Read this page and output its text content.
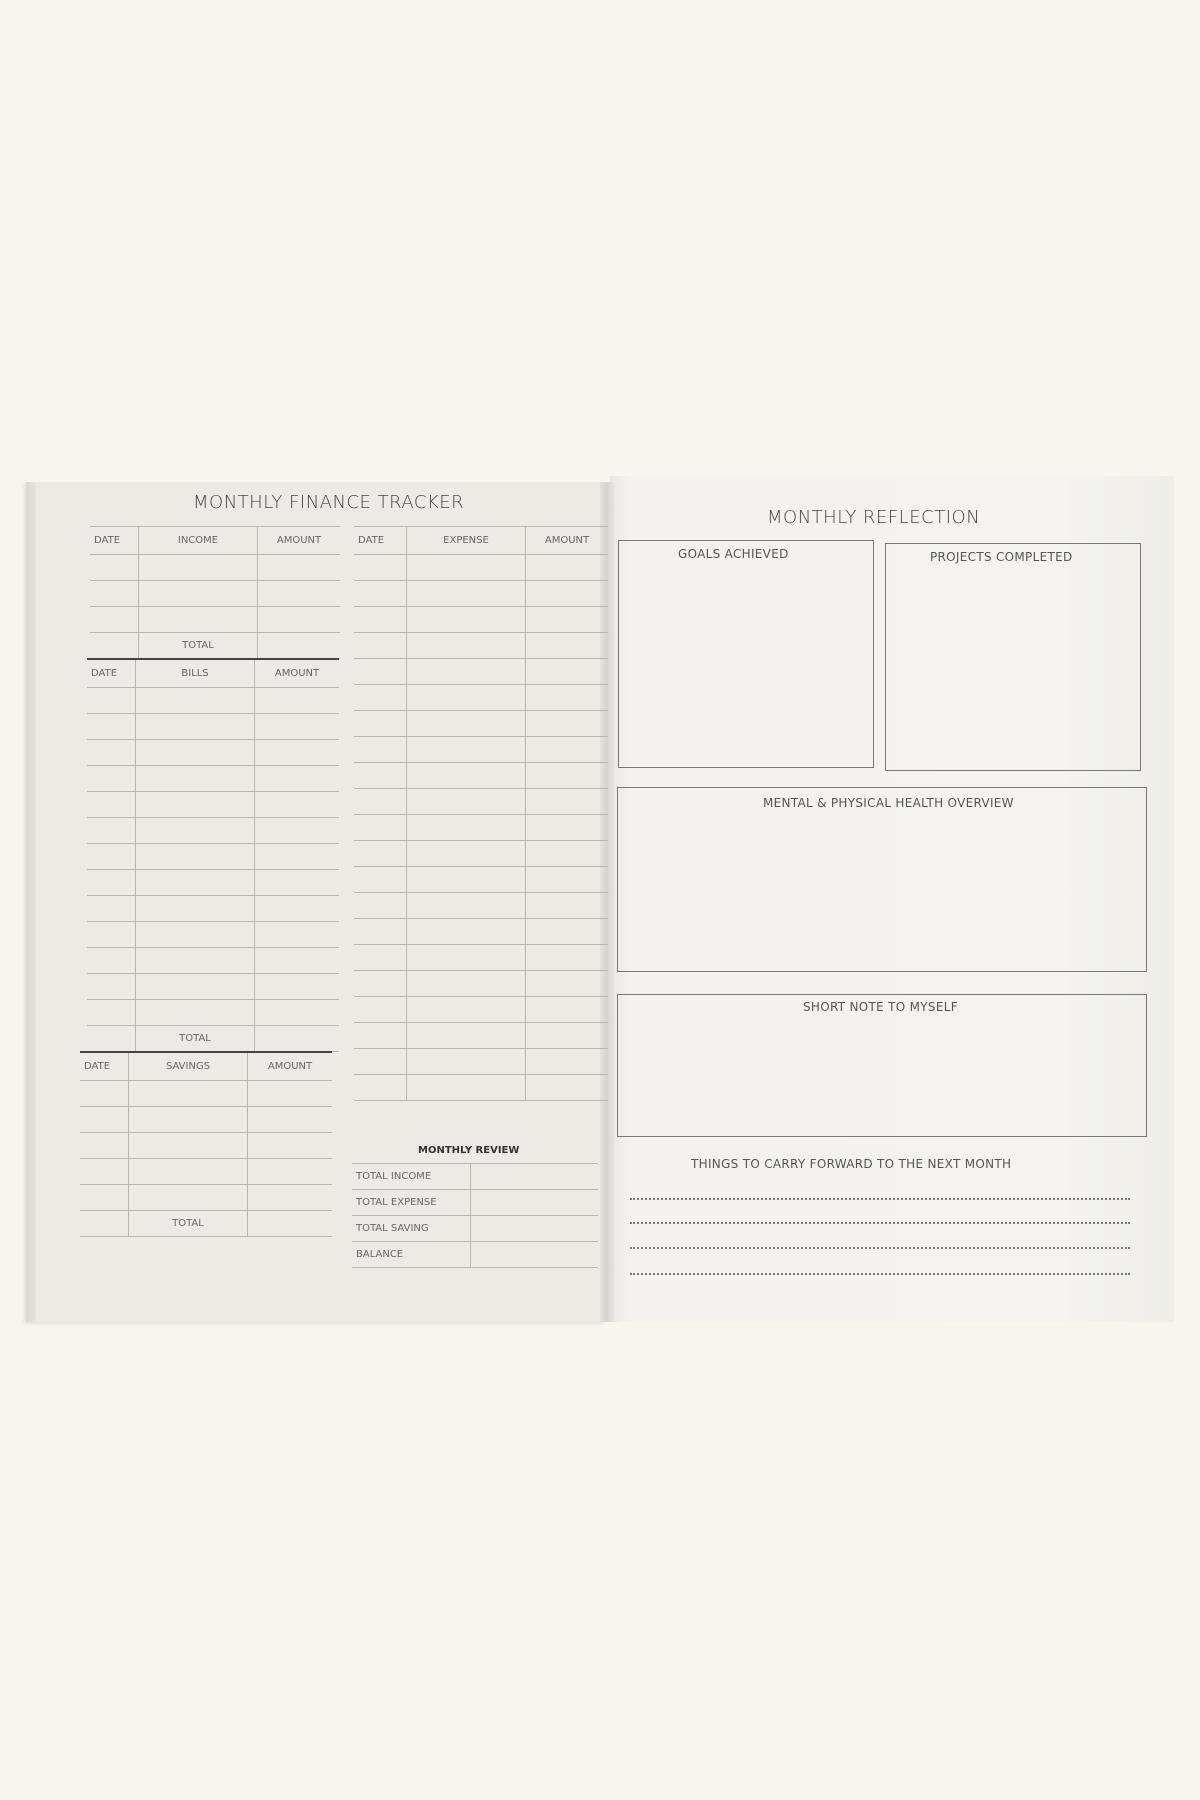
MONTHLY FINANCE TRACKER
DATE	INCOME	AMOUNT

	TOTAL	
DATE	BILLS	AMOUNT

	TOTAL	
DATE	SAVINGS	AMOUNT

	TOTAL	
DATE	EXPENSE	AMOUNT

MONTHLY REVIEW
TOTAL INCOME	
TOTAL EXPENSE	
TOTAL SAVING	
BALANCE	
MONTHLY REFLECTION
GOALS ACHIEVED	PROJECTS COMPLETED
MENTAL & PHYSICAL HEALTH OVERVIEW
SHORT NOTE TO MYSELF
THINGS TO CARRY FORWARD TO THE NEXT MONTH
